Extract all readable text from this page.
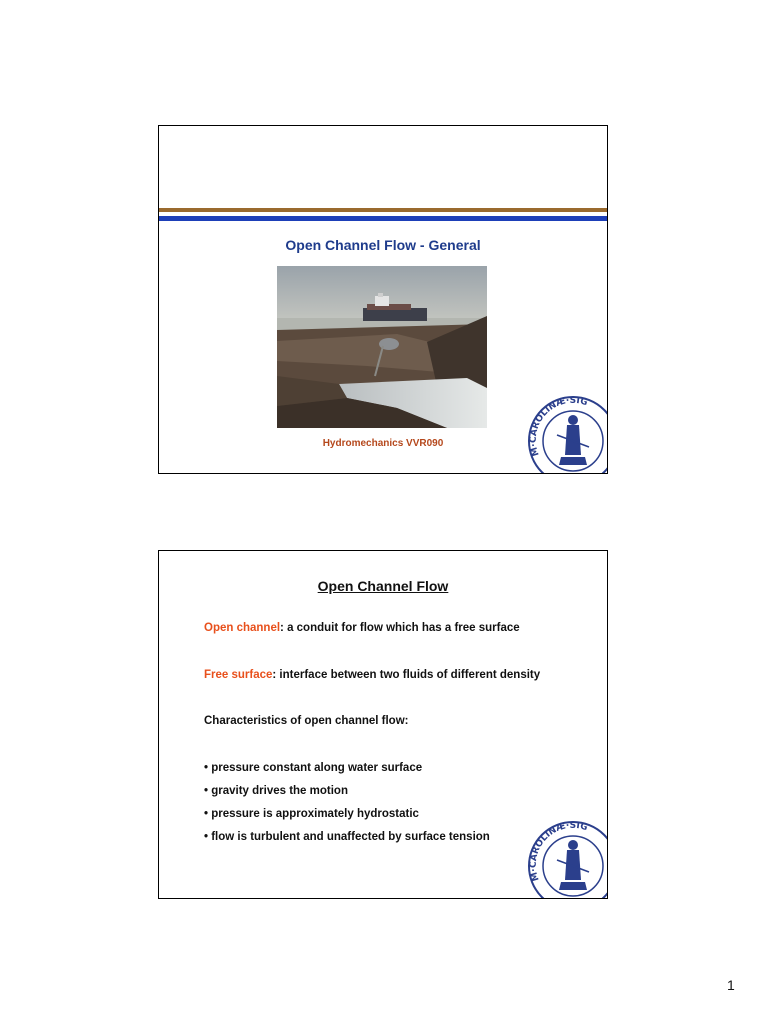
Open Channel Flow - General
Hydromechanics VVR090
M·CAROLINÆ·SIG
Open Channel Flow
Open channel: a conduit for flow which has a free surface
Free surface: interface between two fluids of different density
Characteristics of open channel flow:
• pressure constant along water surface
• gravity drives the motion
• pressure is approximately hydrostatic
• flow is turbulent and unaffected by surface tension
M·CAROLINÆ·SIG
1
